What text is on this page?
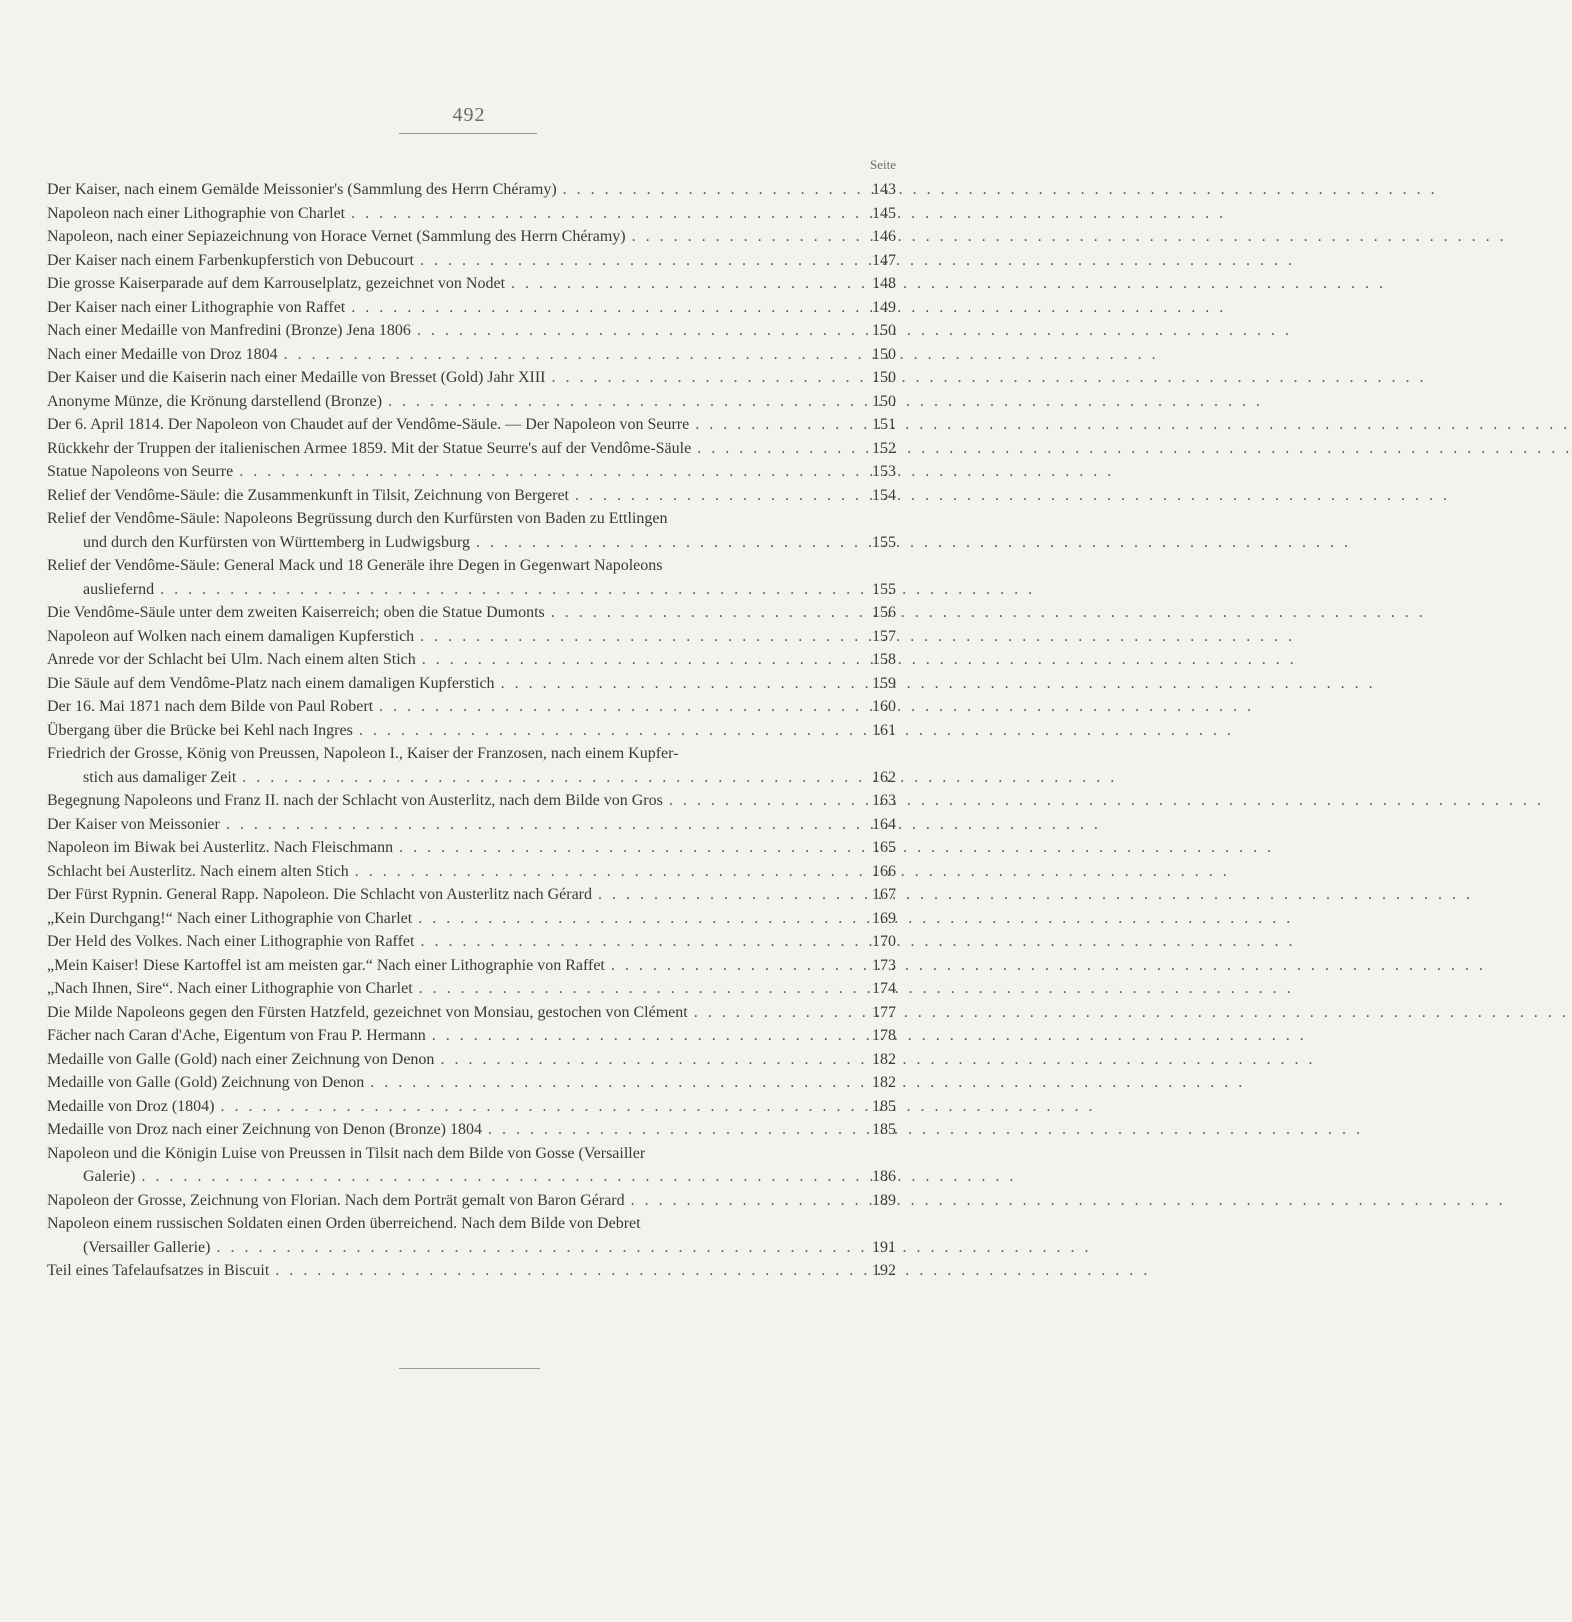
492
Seite
Der Kaiser, nach einem Gemälde Meissonier's (Sammlung des Herrn Chéramy) . . .	143
Napoleon nach einer Lithographie von Charlet . . .	145
Napoleon, nach einer Sepiazeichnung von Horace Vernet (Sammlung des Herrn Chéramy) . . .	146
Der Kaiser nach einem Farbenkupferstich von Debucourt . . .	147
Die grosse Kaiserparade auf dem Karrouselplatz, gezeichnet von Nodet . . .	148
Der Kaiser nach einer Lithographie von Raffet . . .	149
Nach einer Medaille von Manfredini (Bronze) Jena 1806 . . .	150
Nach einer Medaille von Droz 1804 . . .	150
Der Kaiser und die Kaiserin nach einer Medaille von Bresset (Gold) Jahr XIII . . .	150
Anonyme Münze, die Krönung darstellend (Bronze) . . .	150
Der 6. April 1814. Der Napoleon von Chaudet auf der Vendôme-Säule. — Der Napoleon von Seurre . . .	151
Rückkehr der Truppen der italienischen Armee 1859. Mit der Statue Seurre's auf der Vendôme-Säule . . .	152
Statue Napoleons von Seurre . . .	153
Relief der Vendôme-Säule: die Zusammenkunft in Tilsit, Zeichnung von Bergeret . . .	154
Relief der Vendôme-Säule: Napoleons Begrüssung durch den Kurfürsten von Baden zu Ettlingen
und durch den Kurfürsten von Württemberg in Ludwigsburg . . .	155
Relief der Vendôme-Säule: General Mack und 18 Generäle ihre Degen in Gegenwart Napoleons
ausliefernd . . .	155
Die Vendôme-Säule unter dem zweiten Kaiserreich; oben die Statue Dumonts . . .	156
Napoleon auf Wolken nach einem damaligen Kupferstich . . .	157
Anrede vor der Schlacht bei Ulm. Nach einem alten Stich . . .	158
Die Säule auf dem Vendôme-Platz nach einem damaligen Kupferstich . . .	159
Der 16. Mai 1871 nach dem Bilde von Paul Robert . . .	160
Übergang über die Brücke bei Kehl nach Ingres . . .	161
Friedrich der Grosse, König von Preussen, Napoleon I., Kaiser der Franzosen, nach einem Kupfer-
stich aus damaliger Zeit . . .	162
Begegnung Napoleons und Franz II. nach der Schlacht von Austerlitz, nach dem Bilde von Gros . . .	163
Der Kaiser von Meissonier . . .	164
Napoleon im Biwak bei Austerlitz. Nach Fleischmann . . .	165
Schlacht bei Austerlitz. Nach einem alten Stich . . .	166
Der Fürst Rypnin. General Rapp. Napoleon. Die Schlacht von Austerlitz nach Gérard . . .	167
„Kein Durchgang!“ Nach einer Lithographie von Charlet . . .	169
Der Held des Volkes. Nach einer Lithographie von Raffet . . .	170
„Mein Kaiser! Diese Kartoffel ist am meisten gar.“ Nach einer Lithographie von Raffet . . .	173
„Nach Ihnen, Sire“. Nach einer Lithographie von Charlet . . .	174
Die Milde Napoleons gegen den Fürsten Hatzfeld, gezeichnet von Monsiau, gestochen von Clément . . .	177
Fächer nach Caran d'Ache, Eigentum von Frau P. Hermann . . .	178
Medaille von Galle (Gold) nach einer Zeichnung von Denon . . .	182
Medaille von Galle (Gold) Zeichnung von Denon . . .	182
Medaille von Droz (1804) . . .	185
Medaille von Droz nach einer Zeichnung von Denon (Bronze) 1804 . . .	185
Napoleon und die Königin Luise von Preussen in Tilsit nach dem Bilde von Gosse (Versailler
Galerie) . . .	186
Napoleon der Grosse, Zeichnung von Florian. Nach dem Porträt gemalt von Baron Gérard . . .	189
Napoleon einem russischen Soldaten einen Orden überreichend. Nach dem Bilde von Debret
(Versailler Gallerie) . . .	191
Teil eines Tafelaufsatzes in Biscuit . . .	192
